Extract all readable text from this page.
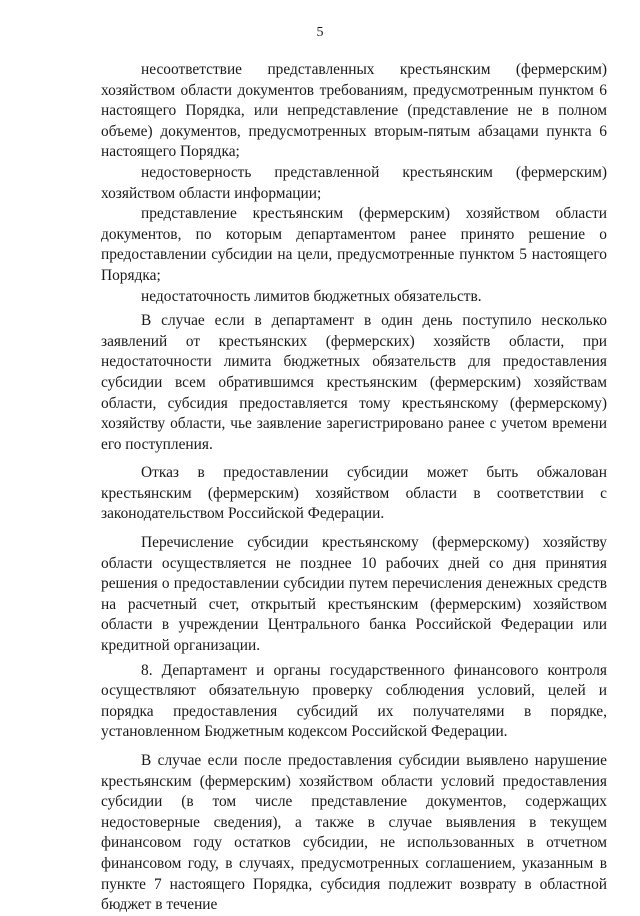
5

несоответствие представленных крестьянским (фермерским) хозяйством области документов требованиям, предусмотренным пунктом 6 настоящего Порядка, или непредставление (представление не в полном объеме) документов, предусмотренных вторым-пятым абзацами пункта 6 настоящего Порядка;

недостоверность представленной крестьянским (фермерским) хозяйством области информации;

представление крестьянским (фермерским) хозяйством области документов, по которым департаментом ранее принято решение о предоставлении субсидии на цели, предусмотренные пунктом 5 настоящего Порядка;

недостаточность лимитов бюджетных обязательств.

В случае если в департамент в один день поступило несколько заявлений от крестьянских (фермерских) хозяйств области, при недостаточности лимита бюджетных обязательств для предоставления субсидии всем обратившимся крестьянским (фермерским) хозяйствам области, субсидия предоставляется тому крестьянскому (фермерскому) хозяйству области, чье заявление зарегистрировано ранее с учетом времени его поступления.

Отказ в предоставлении субсидии может быть обжалован крестьянским (фермерским) хозяйством области в соответствии с законодательством Российской Федерации.

Перечисление субсидии крестьянскому (фермерскому) хозяйству области осуществляется не позднее 10 рабочих дней со дня принятия решения о предоставлении субсидии путем перечисления денежных средств на расчетный счет, открытый крестьянским (фермерским) хозяйством области в учреждении Центрального банка Российской Федерации или кредитной организации.

8. Департамент и органы государственного финансового контроля осуществляют обязательную проверку соблюдения условий, целей и порядка предоставления субсидий их получателями в порядке, установленном Бюджетным кодексом Российской Федерации.

В случае если после предоставления субсидии выявлено нарушение крестьянским (фермерским) хозяйством области условий предоставления субсидии (в том числе представление документов, содержащих недостоверные сведения), а также в случае выявления в текущем финансовом году остатков субсидии, не использованных в отчетном финансовом году, в случаях, предусмотренных соглашением, указанным в пункте 7 настоящего Порядка, субсидия подлежит возврату в областной бюджет в течение
